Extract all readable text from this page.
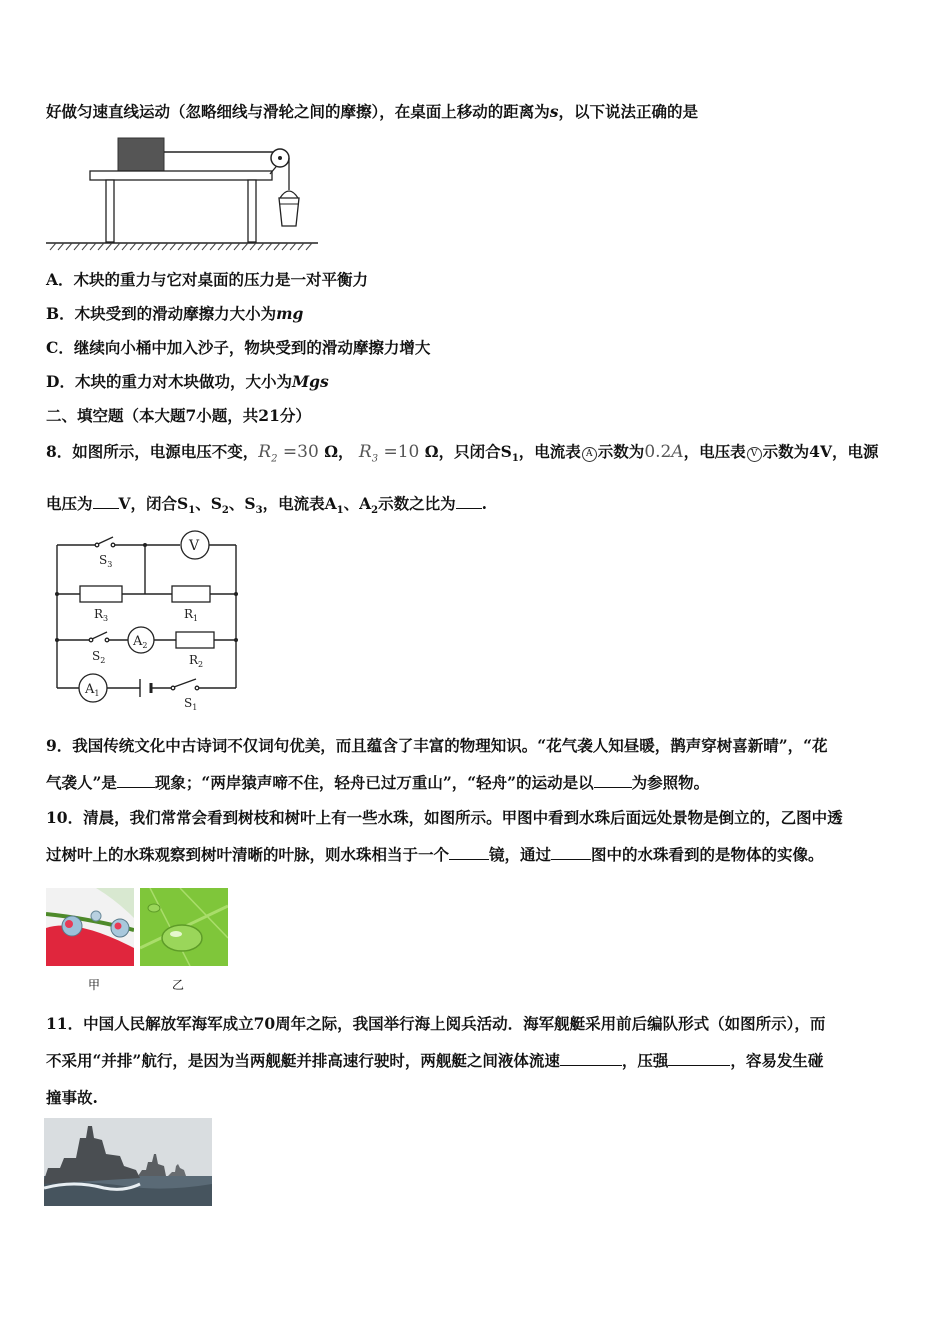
好做匀速直线运动（忽略细线与滑轮之间的摩擦），在桌面上移动的距离为s，以下说法正确的是
A．木块的重力与它对桌面的压力是一对平衡力
B．木块受到的滑动摩擦力大小为mg
C．继续向小桶中加入沙子，物块受到的滑动摩擦力增大
D．木块的重力对木块做功，大小为Mgs
二、填空题（本大题7小题，共21分）
8．如图所示，电源电压不变，$R_2 =30$ Ω， $R_3 =10$ Ω，只闭合$S_1$，电流表 A 示数为0.2A，电压表 V 示数为4V，电源
电压为 V，闭合$S_1$、$S_2$、$S_3$，电流表$A_1$、$A_2$示数之比为 .
$S_3$
V
$R_3$	$R_1$
$S_2$
$A_2$
$R_2$
$A_1$
$S_1$
9．我国传统文化中古诗词不仅词句优美，而且蕴含了丰富的物理知识。“花气袭人知昼暖，鹊声穿树喜新晴”，“花
气袭人”是 现象；“两岸猿声啼不住，轻舟已过万重山”，“轻舟”的运动是以 为参照物。
10．清晨，我们常常会看到树枝和树叶上有一些水珠，如图所示。甲图中看到水珠后面远处景物是倒立的，乙图中透
过树叶上的水珠观察到树叶清晰的叶脉，则水珠相当于一个	镜，通过	图中的水珠看到的是物体的实像。
甲	乙
11．中国人民解放军海军成立70周年之际，我国举行海上阅兵活动．海军舰艇采用前后编队形式（如图所示），而
不采用“并排”航行，是因为当两舰艇并排高速行驶时，两舰艇之间液体流速	，压强	，容易发生碰
撞事故.
